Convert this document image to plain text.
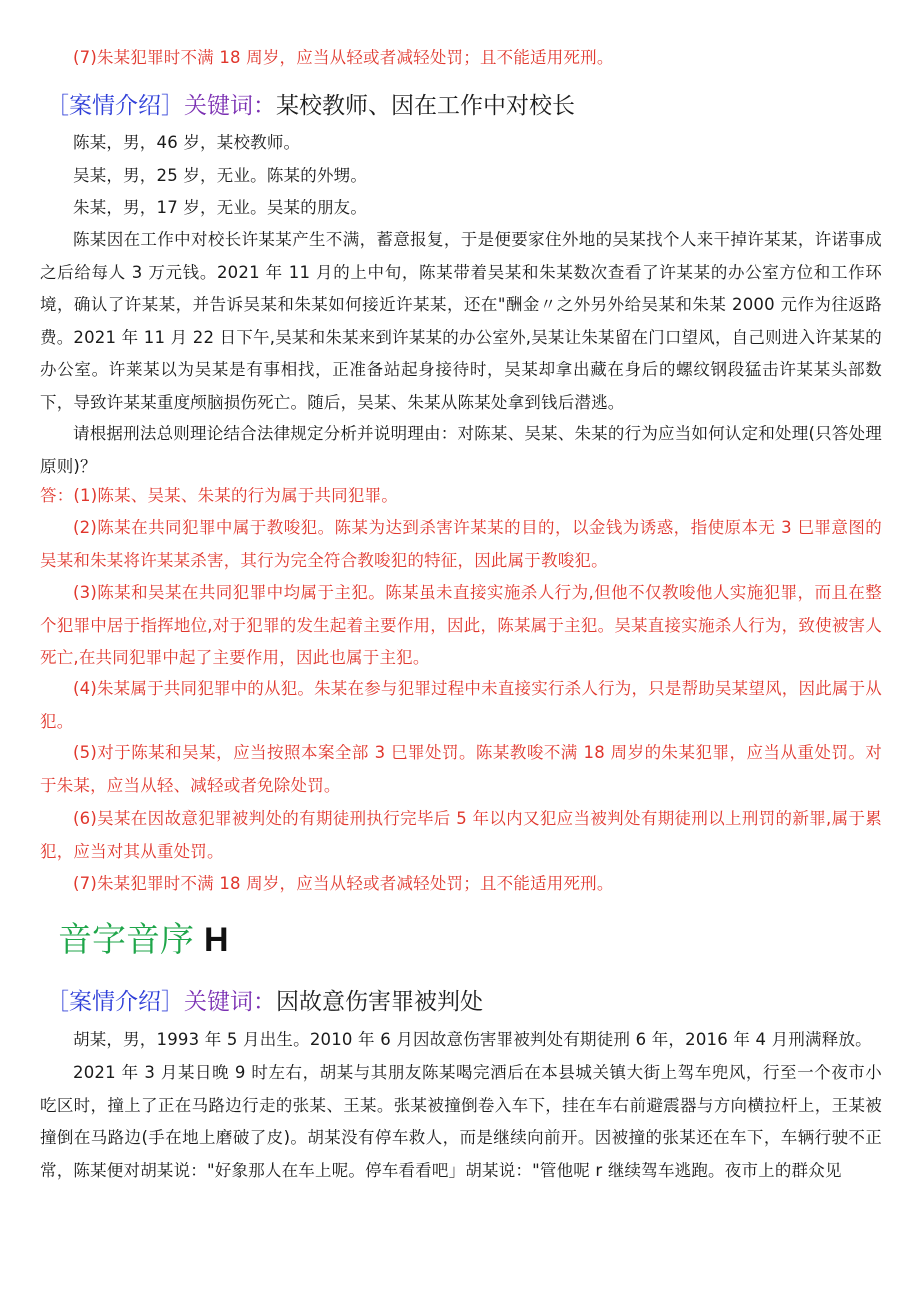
(7)朱某犯罪时不满 18 周岁，应当从轻或者减轻处罚；且不能适用死刑。

［案情介绍］关键词：某校教师、因在工作中对校长

陈某，男，46 岁，某校教师。

吴某，男，25 岁，无业。陈某的外甥。

朱某，男，17 岁，无业。吴某的朋友。

陈某因在工作中对校长许某某产生不满，蓄意报复，于是便要家住外地的吴某找个人来干掉许某某，许诺事成之后给每人 3 万元钱。2021 年 11 月的上中旬，陈某带着吴某和朱某数次查看了许某某的办公室方位和工作环境，确认了许某某，并告诉吴某和朱某如何接近许某某，还在"酬金〃之外另外给吴某和朱某 2000 元作为往返路费。2021 年 11 月 22 日下午,吴某和朱某来到许某某的办公室外,吴某让朱某留在门口望风，自己则进入许某某的办公室。许莱某以为吴某是有事相找，正准备站起身接待时，吴某却拿出藏在身后的螺纹钢段猛击许某某头部数下，导致许某某重度颅脑损伤死亡。随后，吴某、朱某从陈某处拿到钱后潜逃。

请根据刑法总则理论结合法律规定分析并说明理由：对陈某、吴某、朱某的行为应当如何认定和处理(只答处理原则)？

答：(1)陈某、吴某、朱某的行为属于共同犯罪。

(2)陈某在共同犯罪中属于教唆犯。陈某为达到杀害许某某的目的，以金钱为诱惑，指使原本无 3 巳罪意图的吴某和朱某将许某某杀害，其行为完全符合教唆犯的特征，因此属于教唆犯。

(3)陈某和吴某在共同犯罪中均属于主犯。陈某虽未直接实施杀人行为,但他不仅教唆他人实施犯罪，而且在整个犯罪中居于指挥地位,对于犯罪的发生起着主要作用，因此，陈某属于主犯。吴某直接实施杀人行为，致使被害人死亡,在共同犯罪中起了主要作用，因此也属于主犯。

(4)朱某属于共同犯罪中的从犯。朱某在参与犯罪过程中未直接实行杀人行为，只是帮助吴某望风，因此属于从犯。

(5)对于陈某和吴某，应当按照本案全部 3 巳罪处罚。陈某教唆不满 18 周岁的朱某犯罪，应当从重处罚。对于朱某，应当从轻、减轻或者免除处罚。

(6)吴某在因故意犯罪被判处的有期徒刑执行完毕后 5 年以内又犯应当被判处有期徒刑以上刑罚的新罪,属于累犯，应当对其从重处罚。

(7)朱某犯罪时不满 18 周岁，应当从轻或者减轻处罚；且不能适用死刑。

音字音序 H
［案情介绍］关键词：因故意伤害罪被判处

胡某，男，1993 年 5 月出生。2010 年 6 月因故意伤害罪被判处有期徒刑 6 年，2016 年 4 月刑满释放。

2021 年 3 月某日晚 9 时左右，胡某与其朋友陈某喝完酒后在本县城关镇大街上驾车兜风，行至一个夜市小吃区时，撞上了正在马路边行走的张某、王某。张某被撞倒卷入车下，挂在车右前避震器与方向横拉杆上，王某被撞倒在马路边(手在地上磨破了皮)。胡某没有停车救人，而是继续向前开。因被撞的张某还在车下，车辆行驶不正常，陈某便对胡某说："好象那人在车上呢。停车看看吧」胡某说："管他呢 r 继续驾车逃跑。夜市上的群众见
